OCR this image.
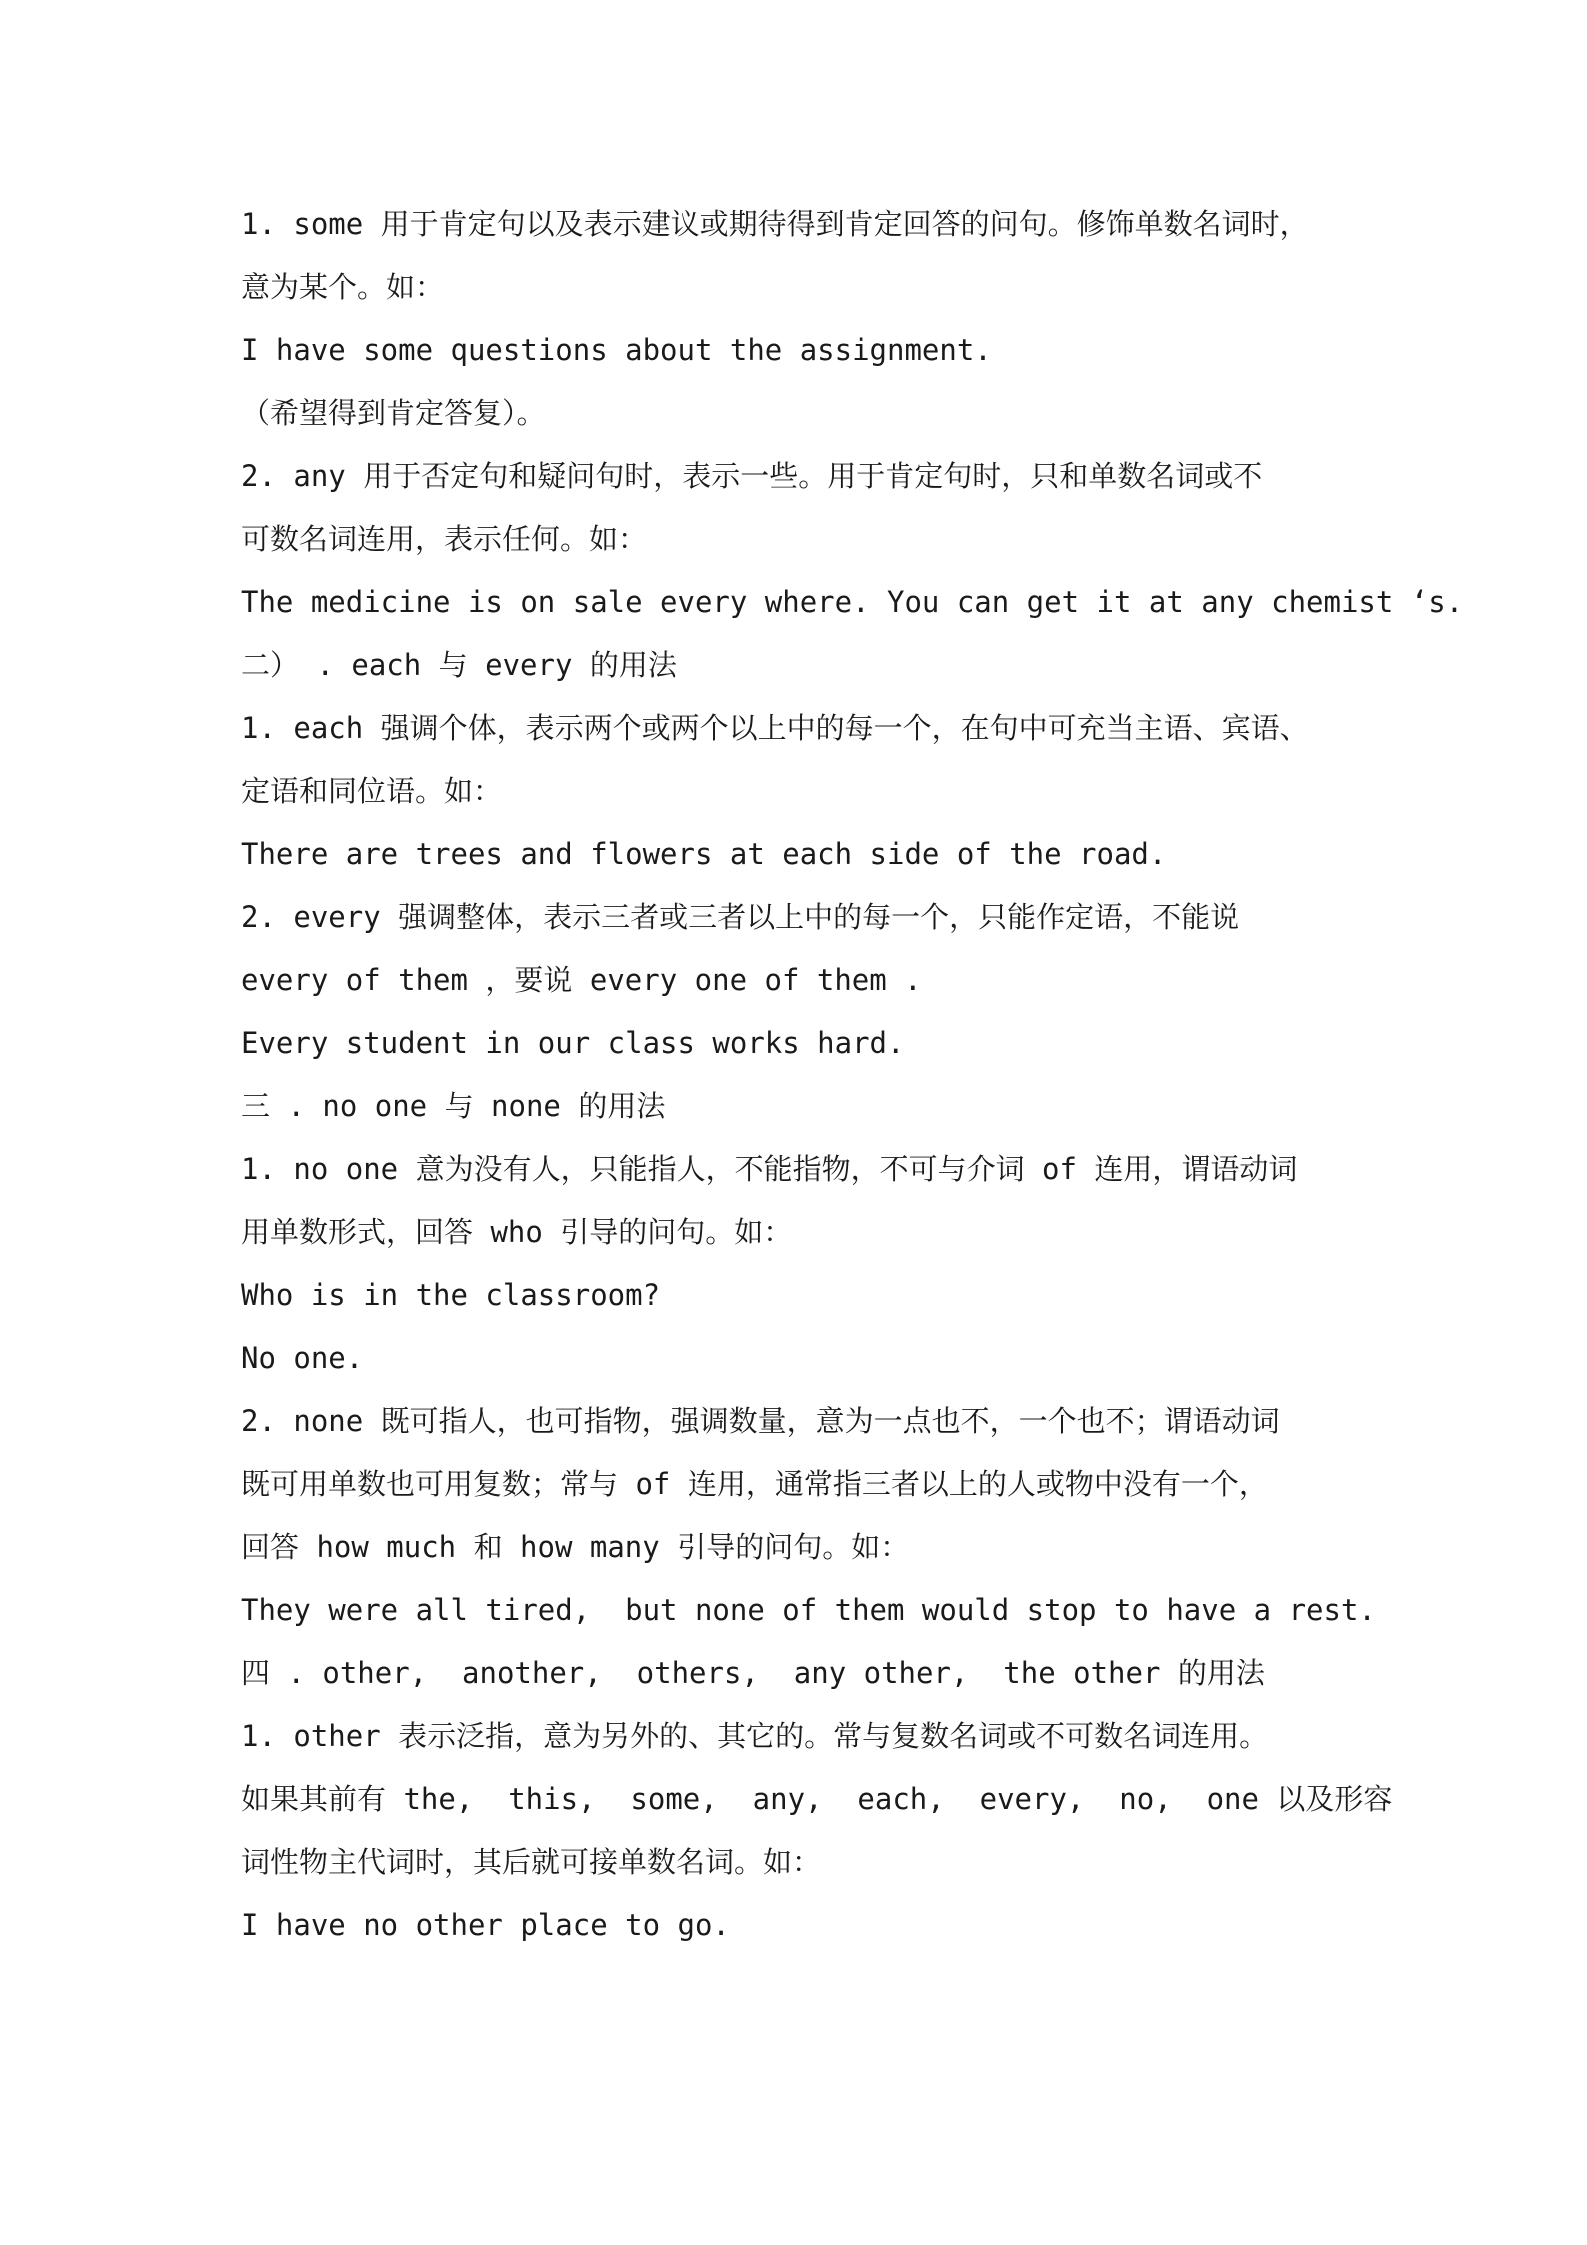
1. some 用于肯定句以及表示建议或期待得到肯定回答的问句。修饰单数名词时，

意为某个。如：

I have some questions about the assignment.

（希望得到肯定答复）。

2. any 用于否定句和疑问句时，表示一些。用于肯定句时，只和单数名词或不

可数名词连用，表示任何。如：

The medicine is on sale every where. You can get it at any chemist ‘s.

二） . each 与 every 的用法

1. each 强调个体，表示两个或两个以上中的每一个，在句中可充当主语、宾语、

定语和同位语。如：

There are trees and flowers at each side of the road.

2. every 强调整体，表示三者或三者以上中的每一个，只能作定语，不能说

every of them ，要说 every one of them .

Every student in our class works hard.

三 . no one 与 none 的用法

1. no one 意为没有人，只能指人，不能指物，不可与介词 of 连用，谓语动词

用单数形式，回答 who 引导的问句。如：

Who is in the classroom?

No one.

2. none 既可指人，也可指物，强调数量，意为一点也不，一个也不；谓语动词

既可用单数也可用复数；常与 of 连用，通常指三者以上的人或物中没有一个，

回答 how much 和 how many 引导的问句。如：

They were all tired,  but none of them would stop to have a rest.

四 . other,  another,  others,  any other,  the other 的用法

1. other 表示泛指，意为另外的、其它的。常与复数名词或不可数名词连用。

如果其前有 the,  this,  some,  any,  each,  every,  no,  one 以及形容

词性物主代词时，其后就可接单数名词。如：

I have no other place to go.
